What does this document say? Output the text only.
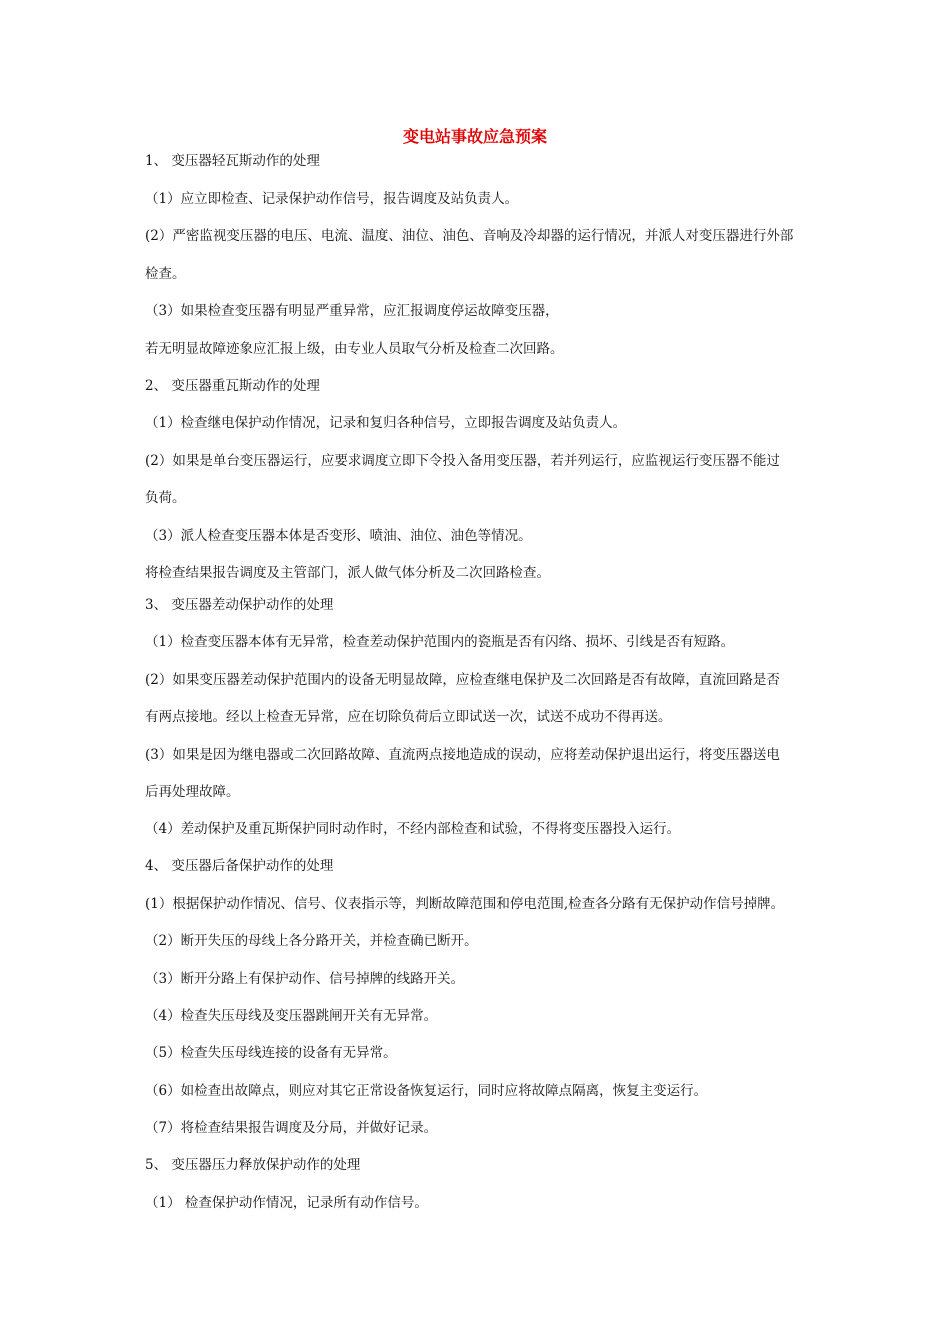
变电站事故应急预案
1、 变压器轻瓦斯动作的处理
（1）应立即检查、记录保护动作信号，报告调度及站负责人。
(2）严密监视变压器的电压、电流、温度、油位、油色、音响及冷却器的运行情况，并派人对变压器进行外部
检查。
（3）如果检查变压器有明显严重异常，应汇报调度停运故障变压器，
若无明显故障迹象应汇报上级，由专业人员取气分析及检查二次回路。
2、 变压器重瓦斯动作的处理
（1）检查继电保护动作情况，记录和复归各种信号，立即报告调度及站负责人。
(2）如果是单台变压器运行，应要求调度立即下令投入备用变压器，若并列运行，应监视运行变压器不能过
负荷。
（3）派人检查变压器本体是否变形、喷油、油位、油色等情况。
将检查结果报告调度及主管部门，派人做气体分析及二次回路检查。
3、 变压器差动保护动作的处理
（1）检查变压器本体有无异常，检查差动保护范围内的瓷瓶是否有闪络、损坏、引线是否有短路。
(2）如果变压器差动保护范围内的设备无明显故障，应检查继电保护及二次回路是否有故障，直流回路是否
有两点接地。经以上检查无异常，应在切除负荷后立即试送一次，试送不成功不得再送。
(3）如果是因为继电器或二次回路故障、直流两点接地造成的误动，应将差动保护退出运行，将变压器送电
后再处理故障。
（4）差动保护及重瓦斯保护同时动作时，不经内部检查和试验，不得将变压器投入运行。
4、 变压器后备保护动作的处理
(1）根据保护动作情况、信号、仪表指示等，判断故障范围和停电范围,检查各分路有无保护动作信号掉牌。
（2）断开失压的母线上各分路开关，并检查确已断开。
（3）断开分路上有保护动作、信号掉牌的线路开关。
（4）检查失压母线及变压器跳闸开关有无异常。
（5）检查失压母线连接的设备有无异常。
（6）如检查出故障点，则应对其它正常设备恢复运行，同时应将故障点隔离，恢复主变运行。
（7）将检查结果报告调度及分局，并做好记录。
5、 变压器压力释放保护动作的处理
（1） 检查保护动作情况，记录所有动作信号。
